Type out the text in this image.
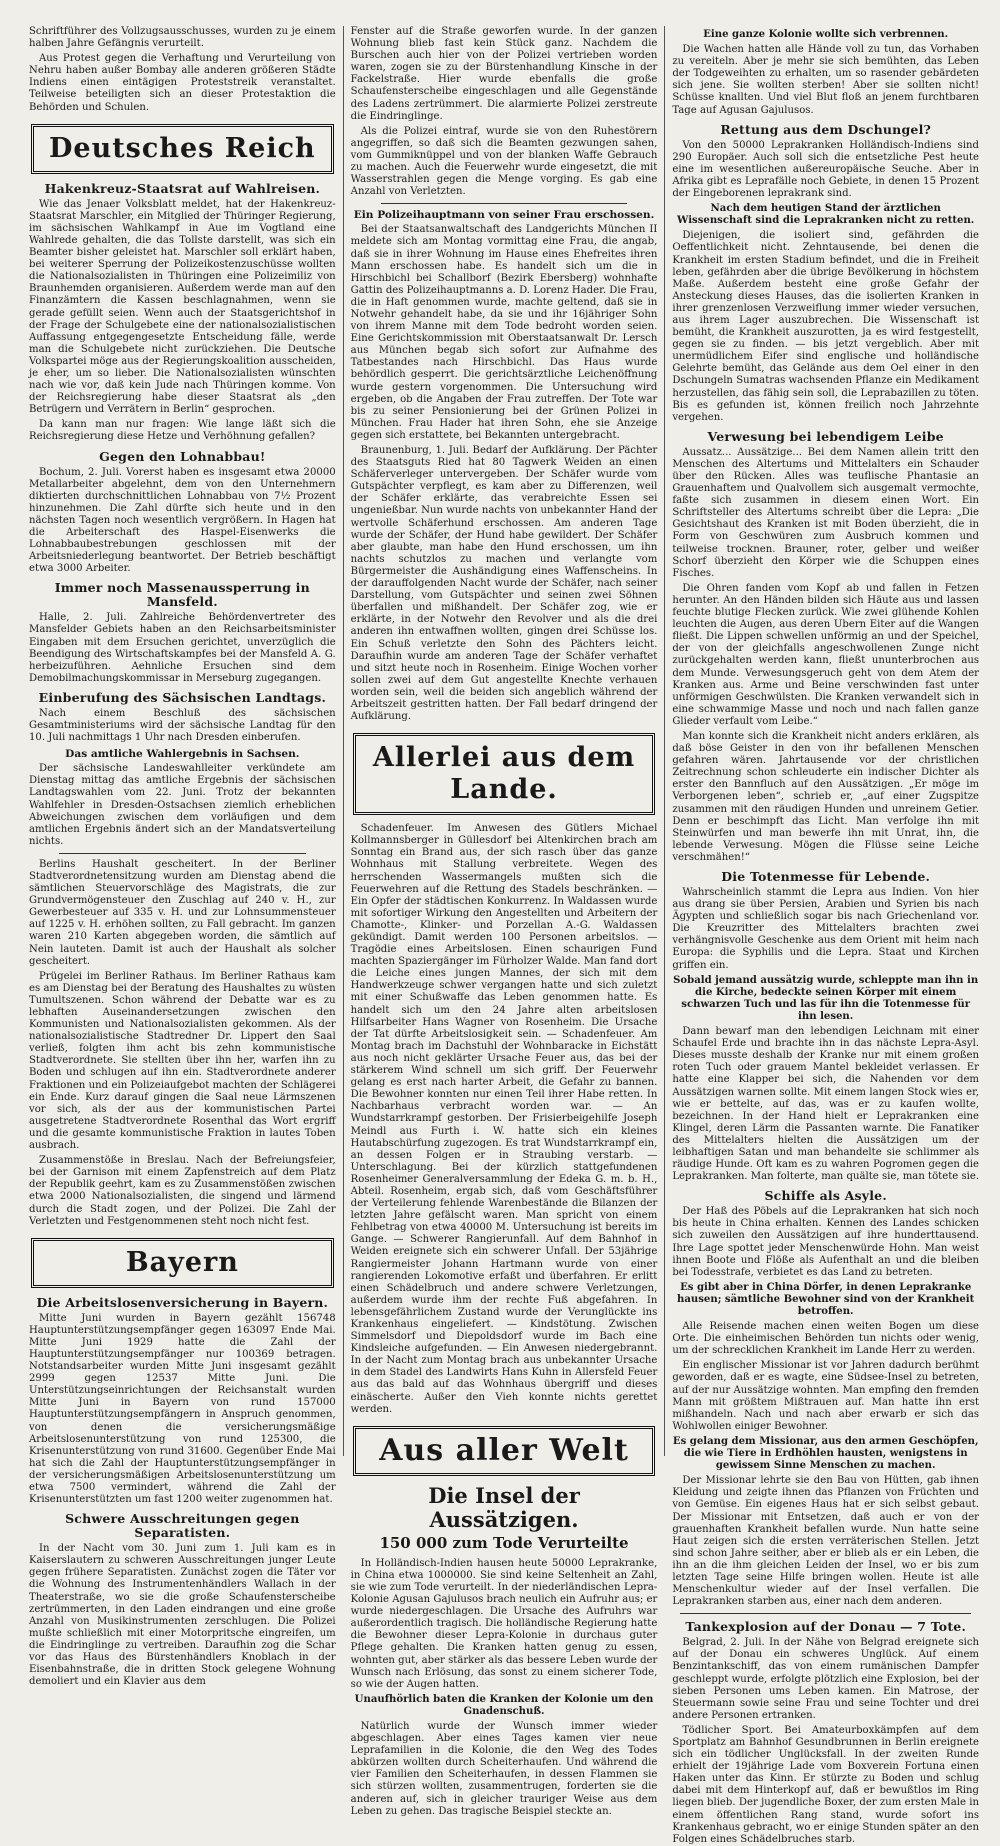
Schriftführer des Vollzugsausschusses, wurden zu je einem halben Jahre Gefängnis verurteilt.

Aus Protest gegen die Verhaftung und Verurteilung von Nehru haben außer Bombay alle anderen größeren Städte Indiens einen eintägigen Proteststreik veranstaltet. Teilweise beteiligten sich an dieser Protestaktion die Behörden und Schulen.

Deutsches Reich
Hakenkreuz-Staatsrat auf Wahlreisen.

Wie das Jenaer Volksblatt meldet, hat der Hakenkreuz-Staatsrat Marschler, ein Mitglied der Thüringer Regierung, im sächsischen Wahlkampf in Aue im Vogtland eine Wahlrede gehalten, die das Tollste darstellt, was sich ein Beamter bisher geleistet hat. Marschler soll erklärt haben, bei weiterer Sperrung der Polizeikostenzuschüsse wollten die Nationalsozialisten in Thüringen eine Polizeimiliz von Braunhemden organisieren. Außerdem werde man auf den Finanzämtern die Kassen beschlagnahmen, wenn sie gerade gefüllt seien. Wenn auch der Staatsgerichtshof in der Frage der Schulgebete eine der nationalsozialistischen Auffassung entgegengesetzte Entscheidung fälle, werde man die Schulgebete nicht zurückziehen. Die Deutsche Volkspartei möge aus der Regierungskoalition ausscheiden, je eher, um so lieber. Die Nationalsozialisten wünschten nach wie vor, daß kein Jude nach Thüringen komme. Von der Reichsregierung habe dieser Staatsrat als „den Betrügern und Verrätern in Berlin“ gesprochen.

Da kann man nur fragen: Wie lange läßt sich die Reichsregierung diese Hetze und Verhöhnung gefallen?

Gegen den Lohnabbau!

Bochum, 2. Juli. Vorerst haben es insgesamt etwa 20000 Metallarbeiter abgelehnt, dem von den Unternehmern diktierten durchschnittlichen Lohnabbau von 7½ Prozent hinzunehmen. Die Zahl dürfte sich heute und in den nächsten Tagen noch wesentlich vergrößern. In Hagen hat die Arbeiterschaft des Haspel-Eisenwerks die Lohnabbaubestrebungen geschlossen mit der Arbeitsniederlegung beantwortet. Der Betrieb beschäftigt etwa 3000 Arbeiter.

Immer noch Massenaussperrung in Mansfeld.

Halle, 2. Juli. Zahlreiche Behördenvertreter des Mansfelder Gebiets haben an den Reichsarbeitsminister Eingaben mit dem Ersuchen gerichtet, unverzüglich die Beendigung des Wirtschaftskampfes bei der Mansfeld A. G. herbeizuführen. Aehnliche Ersuchen sind dem Demobilmachungskommissar in Merseburg zugegangen.

Einberufung des Sächsischen Landtags.

Nach einem Beschluß des sächsischen Gesamtministeriums wird der sächsische Landtag für den 10. Juli nachmittags 1 Uhr nach Dresden einberufen.

Das amtliche Wahlergebnis in Sachsen.

Der sächsische Landeswahlleiter verkündete am Dienstag mittag das amtliche Ergebnis der sächsischen Landtagswahlen vom 22. Juni. Trotz der bekannten Wahlfehler in Dresden-Ostsachsen ziemlich erheblichen Abweichungen zwischen dem vorläufigen und dem amtlichen Ergebnis ändert sich an der Mandatsverteilung nichts.

Berlins Haushalt gescheitert. In der Berliner Stadtverordnetensitzung wurden am Dienstag abend die sämtlichen Steuervorschläge des Magistrats, die zur Grundvermögensteuer den Zuschlag auf 240 v. H., zur Gewerbesteuer auf 335 v. H. und zur Lohnsummensteuer auf 1225 v. H. erhöhen sollten, zu Fall gebracht. Im ganzen waren 210 Karten abgegeben worden, die sämtlich auf Nein lauteten. Damit ist auch der Haushalt als solcher gescheitert.

Prügelei im Berliner Rathaus. Im Berliner Rathaus kam es am Dienstag bei der Beratung des Haushaltes zu wüsten Tumultszenen. Schon während der Debatte war es zu lebhaften Auseinandersetzungen zwischen den Kommunisten und Nationalsozialisten gekommen. Als der nationalsozialistische Stadtredner Dr. Lippert den Saal verließ, folgten ihm acht bis zehn kommunistische Stadtverordnete. Sie stellten über ihn her, warfen ihn zu Boden und schlugen auf ihn ein. Stadtverordnete anderer Fraktionen und ein Polizeiaufgebot machten der Schlägerei ein Ende. Kurz darauf gingen die Saal neue Lärmszenen vor sich, als der aus der kommunistischen Partei ausgetretene Stadtverordnete Rosenthal das Wort ergriff und die gesamte kommunistische Fraktion in lautes Toben ausbrach.

Zusammenstöße in Breslau. Nach der Befreiungsfeier, bei der Garnison mit einem Zapfenstreich auf dem Platz der Republik geehrt, kam es zu Zusammenstößen zwischen etwa 2000 Nationalsozialisten, die singend und lärmend durch die Stadt zogen, und der Polizei. Die Zahl der Verletzten und Festgenommenen steht noch nicht fest.

Bayern
Die Arbeitslosenversicherung in Bayern.

Mitte Juni wurden in Bayern gezählt 156748 Hauptunterstützungsempfänger gegen 163097 Ende Mai. Mitte Juni 1929 hatte die Zahl der Hauptunterstützungsempfänger nur 100369 betragen. Notstandsarbeiter wurden Mitte Juni insgesamt gezählt 2999 gegen 12537 Mitte Juni. Die Unterstützungseinrichtungen der Reichsanstalt wurden Mitte Juni in Bayern von rund 157000 Hauptunterstützungsempfängern in Anspruch genommen, von denen die versicherungsmäßige Arbeitslosenunterstützung von rund 125300, die Krisenunterstützung von rund 31600. Gegenüber Ende Mai hat sich die Zahl der Hauptunterstützungsempfänger in der versicherungsmäßigen Arbeitslosenunterstützung um etwa 7500 vermindert, während die Zahl der Krisenunterstützten um fast 1200 weiter zugenommen hat.

Schwere Ausschreitungen gegen Separatisten.

In der Nacht vom 30. Juni zum 1. Juli kam es in Kaiserslautern zu schweren Ausschreitungen junger Leute gegen frühere Separatisten. Zunächst zogen die Täter vor die Wohnung des Instrumentenhändlers Wallach in der Theaterstraße, wo sie die große Schaufensterscheibe zertrümmerten, in den Laden eindrangen und eine große Anzahl von Musikinstrumenten zerschlugen. Die Polizei mußte schließlich mit einer Motorpritsche eingreifen, um die Eindringlinge zu vertreiben. Daraufhin zog die Schar vor das Haus des Bürstenhändlers Knoblach in der Eisenbahnstraße, die in dritten Stock gelegene Wohnung demoliert und ein Klavier aus dem

Fenster auf die Straße geworfen wurde. In der ganzen Wohnung blieb fast kein Stück ganz. Nachdem die Burschen auch hier von der Polizei vertrieben worden waren, zogen sie zu der Bürstenhandlung Kinsche in der Fackelstraße. Hier wurde ebenfalls die große Schaufensterscheibe eingeschlagen und alle Gegenstände des Ladens zertrümmert. Die alarmierte Polizei zerstreute die Eindringlinge.

Als die Polizei eintraf, wurde sie von den Ruhestörern angegriffen, so daß sich die Beamten gezwungen sahen, vom Gummiknüppel und von der blanken Waffe Gebrauch zu machen. Auch die Feuerwehr wurde eingesetzt, die mit Wasserstrahlen gegen die Menge vorging. Es gab eine Anzahl von Verletzten.

Ein Polizeihauptmann von seiner Frau erschossen.

Bei der Staatsanwaltschaft des Landgerichts München II meldete sich am Montag vormittag eine Frau, die angab, daß sie in ihrer Wohnung im Hause eines Ehefreites ihren Mann erschossen habe. Es handelt sich um die in Hirschbichl bei Schallborf (Bezirk Ebersberg) wohnhafte Gattin des Polizeihauptmanns a. D. Lorenz Hader. Die Frau, die in Haft genommen wurde, machte geltend, daß sie in Notwehr gehandelt habe, da sie und ihr 16jähriger Sohn von ihrem Manne mit dem Tode bedroht worden seien. Eine Gerichtskommission mit Oberstaatsanwalt Dr. Lersch aus München begab sich sofort zur Aufnahme des Tatbestandes nach Hirschbichl. Das Haus wurde behördlich gesperrt. Die gerichtsärztliche Leichenöffnung wurde gestern vorgenommen. Die Untersuchung wird ergeben, ob die Angaben der Frau zutreffen. Der Tote war bis zu seiner Pensionierung bei der Grünen Polizei in München. Frau Hader hat ihren Sohn, ehe sie Anzeige gegen sich erstattete, bei Bekannten untergebracht.

Braunenburg, 1. Juli. Bedarf der Aufklärung. Der Pächter des Staatsguts Ried hat 80 Tagwerk Weiden an einen Schäferverleger untervergeben. Der Schäfer wurde vom Gutspächter verpflegt, es kam aber zu Differenzen, weil der Schäfer erklärte, das verabreichte Essen sei ungenießbar. Nun wurde nachts von unbekannter Hand der wertvolle Schäferhund erschossen. Am anderen Tage wurde der Schäfer, der Hund habe gewildert. Der Schäfer aber glaubte, man habe den Hund erschossen, um ihn nachts schutzlos zu machen und verlangte vom Bürgermeister die Aushändigung eines Waffenscheins. In der darauffolgenden Nacht wurde der Schäfer, nach seiner Darstellung, vom Gutspächter und seinen zwei Söhnen überfallen und mißhandelt. Der Schäfer zog, wie er erklärte, in der Notwehr den Revolver und als die drei anderen ihn entwaffnen wollten, gingen drei Schüsse los. Ein Schuß verletzte den Sohn des Pächters leicht. Daraufhin wurde am anderen Tage der Schäfer verhaftet und sitzt heute noch in Rosenheim. Einige Wochen vorher sollen zwei auf dem Gut angestellte Knechte verhauen worden sein, weil die beiden sich angeblich während der Arbeitszeit gestritten hatten. Der Fall bedarf dringend der Aufklärung.

Allerlei aus dem Lande.

Schadenfeuer. Im Anwesen des Gütlers Michael Kollmannsberger in Güllesdorf bei Altenkirchen brach am Sonntag ein Brand aus, der sich rasch über das ganze Wohnhaus mit Stallung verbreitete. Wegen des herrschenden Wassermangels mußten sich die Feuerwehren auf die Rettung des Stadels beschränken. — Ein Opfer der städtischen Konkurrenz. In Waldassen wurde mit sofortiger Wirkung den Angestellten und Arbeitern der Chamotte-, Klinker- und Porzellan A.-G. Waldassen gekündigt. Damit werden 100 Personen arbeitslos. — Tragödie eines Arbeitslosen. Einen schaurigen Fund machten Spaziergänger im Fürholzer Walde. Man fand dort die Leiche eines jungen Mannes, der sich mit dem Handwerkzeuge schwer vergangen hatte und sich zuletzt mit einer Schußwaffe das Leben genommen hatte. Es handelt sich um den 24 Jahre alten arbeitslosen Hilfsarbeiter Hans Wagner von Rosenheim. Die Ursache der Tat dürfte Arbeitslosigkeit sein. — Schadenfeuer. Am Montag brach im Dachstuhl der Wohnbaracke in Eichstätt aus noch nicht geklärter Ursache Feuer aus, das bei der stärkerem Wind schnell um sich griff. Der Feuerwehr gelang es erst nach harter Arbeit, die Gefahr zu bannen. Die Bewohner konnten nur einen Teil ihrer Habe retten. In Nachbarhaus verbracht worden war. — An Wundstarrkrampf gestorben. Der Frisierbeigehilfe Joseph Meindl aus Furth i. W. hatte sich ein kleines Hautabschürfung zugezogen. Es trat Wundstarrkrampf ein, an dessen Folgen er in Straubing verstarb. — Unterschlagung. Bei der kürzlich stattgefundenen Rosenheimer Generalversammlung der Edeka G. m. b. H., Abteil. Rosenheim, ergab sich, daß vom Geschäftsführer der Verteilerung fehlende Warenbestände die Bilanzen der letzten Jahre gefälscht waren. Man spricht von einem Fehlbetrag von etwa 40000 M. Untersuchung ist bereits im Gange. — Schwerer Rangierunfall. Auf dem Bahnhof in Weiden ereignete sich ein schwerer Unfall. Der 53jährige Rangiermeister Johann Hartmann wurde von einer rangierenden Lokomotive erfaßt und überfahren. Er erlitt einen Schädelbruch und andere schwere Verletzungen, außerdem wurde ihm der rechte Fuß abgefahren. In lebensgefährlichem Zustand wurde der Verunglückte ins Krankenhaus eingeliefert. — Kindstötung. Zwischen Simmelsdorf und Diepoldsdorf wurde im Bach eine Kindsleiche aufgefunden. — Ein Anwesen niedergebrannt. In der Nacht zum Montag brach aus unbekannter Ursache in dem Stadel des Landwirts Hans Kuhn in Allersfeld Feuer aus das bald auf das Wohnhaus übergriff und dieses einäscherte. Außer den Vieh konnte nichts gerettet werden.

Aus aller Welt
Die Insel der Aussätzigen.
150 000 zum Tode Verurteilte

In Holländisch-Indien hausen heute 50000 Leprakranke, in China etwa 1000000. Sie sind keine Seltenheit an Zahl, sie wie zum Tode verurteilt. In der niederländischen Lepra-Kolonie Agusan Gajulusos brach neulich ein Aufruhr aus; er wurde niedergeschlagen. Die Ursache des Aufruhrs war außerordentlich tragisch. Die holländische Regierung hatte die Bewohner dieser Lepra-Kolonie in durchaus guter Pflege gehalten. Die Kranken hatten genug zu essen, wohnten gut, aber stärker als das bessere Leben wurde der Wunsch nach Erlösung, das sonst zu einem sicherer Tode, so wie der Augen hatten.

Unaufhörlich baten die Kranken der Kolonie um den Gnadenschuß.

Natürlich wurde der Wunsch immer wieder abgeschlagen. Aber eines Tages kamen vier neue Leprafamilien in die Kolonie, die den Weg des Todes abkürzen wollten durch Scheiterhaufen. Und während die vier Familien den Scheiterhaufen, in dessen Flammen sie sich stürzen wollten, zusammentrugen, forderten sie die anderen auf, sich in gleicher trauriger Weise aus dem Leben zu gehen. Das tragische Beispiel steckte an.

Eine ganze Kolonie wollte sich verbrennen.

Die Wachen hatten alle Hände voll zu tun, das Vorhaben zu vereiteln. Aber je mehr sie sich bemühten, das Leben der Todgeweihten zu erhalten, um so rasender gebärdeten sich jene. Sie wollten sterben! Aber sie sollten nicht! Schüsse knallten. Und viel Blut floß an jenem furchtbaren Tage auf Agusan Gajulusos.

Rettung aus dem Dschungel?

Von den 50000 Leprakranken Holländisch-Indiens sind 290 Europäer. Auch soll sich die entsetzliche Pest heute eine im wesentlichen außereuropäische Seuche. Aber in Afrika gibt es Leprafälle noch Gebiete, in denen 15 Prozent der Eingeborenen leprakrank sind.

Nach dem heutigen Stand der ärztlichen Wissenschaft sind die Leprakranken nicht zu retten.

Diejenigen, die isoliert sind, gefährden die Oeffentlichkeit nicht. Zehntausende, bei denen die Krankheit im ersten Stadium befindet, und die in Freiheit leben, gefährden aber die übrige Bevölkerung in höchstem Maße. Außerdem besteht eine große Gefahr der Ansteckung dieses Hauses, das die isolierten Kranken in ihrer grenzenlosen Verzweiflung immer wieder versuchen, aus ihrem Lager auszubrechen. Die Wissenschaft ist bemüht, die Krankheit auszurotten, ja es wird festgestellt, gegen sie zu finden. — bis jetzt vergeblich. Aber mit unermüdlichem Eifer sind englische und holländische Gelehrte bemüht, das Gelände aus dem Oel einer in den Dschungeln Sumatras wachsenden Pflanze ein Medikament herzustellen, das fähig sein soll, die Leprabazillen zu töten. Bis es gefunden ist, können freilich noch Jahrzehnte vergehen.

Verwesung bei lebendigem Leibe

Aussatz... Aussätzige... Bei dem Namen allein tritt den Menschen des Altertums und Mittelalters ein Schauder über den Rücken. Alles was teuflische Phantasie an Grauenhaftem und Qualvollem sich ausgemalt vermochte, faßte sich zusammen in diesem einen Wort. Ein Schriftsteller des Altertums schreibt über die Lepra: „Die Gesichtshaut des Kranken ist mit Boden überzieht, die in Form von Geschwüren zum Ausbruch kommen und teilweise trocknen. Brauner, roter, gelber und weißer Schorf überzieht den Körper wie die Schuppen eines Fisches.

Die Ohren fanden vom Kopf ab und fallen in Fetzen herunter. An den Händen bilden sich Häute aus und lassen feuchte blutige Flecken zurück. Wie zwei glühende Kohlen leuchten die Augen, aus deren Ubern Eiter auf die Wangen fließt. Die Lippen schwellen unförmig an und der Speichel, der von der gleichfalls angeschwollenen Zunge nicht zurückgehalten werden kann, fließt ununterbrochen aus dem Munde. Verwesungsgeruch geht von dem Atem der Kranken aus. Arme und Beine verschwinden fast unter unförmigen Geschwülsten. Die Kranken verwandelt sich in eine schwammige Masse und noch und nach fallen ganze Glieder verfault vom Leibe.“

Man konnte sich die Krankheit nicht anders erklären, als daß böse Geister in den von ihr befallenen Menschen gefahren wären. Jahrtausende vor der christlichen Zeitrechnung schon schleuderte ein indischer Dichter als erster den Bannfluch auf den Aussätzigen. „Er möge im Verborgenen leben“, schrieb er, „auf einer Zugspitze zusammen mit den räudigen Hunden und unreinem Getier. Denn er beschimpft das Licht. Man verfolge ihn mit Steinwürfen und man bewerfe ihn mit Unrat, ihn, die lebende Verwesung. Mögen die Flüsse seine Leiche verschmähen!“

Die Totenmesse für Lebende.

Wahrscheinlich stammt die Lepra aus Indien. Von hier aus drang sie über Persien, Arabien und Syrien bis nach Ägypten und schließlich sogar bis nach Griechenland vor. Die Kreuzritter des Mittelalters brachten zwei verhängnisvolle Geschenke aus dem Orient mit heim nach Europa: die Syphilis und die Lepra. Staat und Kirchen griffen ein.

Sobald jemand aussätzig wurde, schleppte man ihn in die Kirche, bedeckte seinen Körper mit einem schwarzen Tuch und las für ihn die Totenmesse für ihn lesen.

Dann bewarf man den lebendigen Leichnam mit einer Schaufel Erde und brachte ihn in das nächste Lepra-Asyl. Dieses musste deshalb der Kranke nur mit einem großen roten Tuch oder grauem Mantel bekleidet verlassen. Er hatte eine Klapper bei sich, die Nahenden vor dem Aussätzigen warnen sollte. Mit einem langen Stock wies er, wie er bettelte, auf das, was er zu kaufen wollte, bezeichnen. In der Hand hielt er Leprakranken eine Klingel, deren Lärm die Passanten warnte. Die Fanatiker des Mittelalters hielten die Aussätzigen um der leibhaftigen Satan und man behandelte sie schlimmer als räudige Hunde. Oft kam es zu wahren Pogromen gegen die Leprakranken. Man folterte, man quälte sie, man tötete sie.

Schiffe als Asyle.

Der Haß des Pöbels auf die Leprakranken hat sich noch bis heute in China erhalten. Kennen des Landes schicken sich zuweilen den Aussätzigen auf ihre hunderttausend. Ihre Lage spottet jeder Menschenwürde Hohn. Man weist ihnen Boote und Flöße als Aufenthalt an und die bleiben bei Todesstrafe, verbietet es das Land zu betreten.

Es gibt aber in China Dörfer, in denen Leprakranke hausen; sämtliche Bewohner sind von der Krankheit betroffen.

Alle Reisende machen einen weiten Bogen um diese Orte. Die einheimischen Behörden tun nichts oder wenig, um der schrecklichen Krankheit im Lande Herr zu werden.

Ein englischer Missionar ist vor Jahren dadurch berühmt geworden, daß er es wagte, eine Südsee-Insel zu betreten, auf der nur Aussätzige wohnten. Man empfing den fremden Mann mit größtem Mißtrauen auf. Man hatte ihn erst mißhandeln. Nach und nach aber erwarb er sich das Wohlwollen einiger Bewohner.

Es gelang dem Missionar, aus den armen Geschöpfen, die wie Tiere in Erdhöhlen hausten, wenigstens in gewissem Sinne Menschen zu machen.

Der Missionar lehrte sie den Bau von Hütten, gab ihnen Kleidung und zeigte ihnen das Pflanzen von Früchten und von Gemüse. Ein eigenes Haus hat er sich selbst gebaut. Der Missionar mit Entsetzen, daß auch er von der grauenhaften Krankheit befallen wurde. Nun hatte seine Haut zeigen sich die ersten verräterischen Stellen. Jetzt sind schon Jahre seither, aber er blieb als er ein Leben, die ihn an die ihm gleichen Leiden der Insel, wo er bis zum letzten Tage seine Hilfe bringen wollen. Heute ist alle Menschenkultur wieder auf der Insel verfallen. Die Leprakranken starben aus, einer nach dem anderen.

Tankexplosion auf der Donau — 7 Tote.

Belgrad, 2. Juli. In der Nähe von Belgrad ereignete sich auf der Donau ein schweres Unglück. Auf einem Benzintankschiff, das von einem rumänischen Dampfer geschleppt wurde, erfolgte plötzlich eine Explosion, bei der sieben Personen ums Leben kamen. Ein Matrose, der Steuermann sowie seine Frau und seine Tochter und drei andere Personen ertranken.

Tödlicher Sport. Bei Amateurboxkämpfen auf dem Sportplatz am Bahnhof Gesundbrunnen in Berlin ereignete sich ein tödlicher Unglücksfall. In der zweiten Runde erhielt der 19jährige Lade vom Boxverein Fortuna einen Haken unter das Kinn. Er stürzte zu Boden und schlug dabei mit dem Hinterkopf auf, daß er bewußtlos im Ring liegen blieb. Der jugendliche Boxer, der zum ersten Male in einem öffentlichen Rang stand, wurde sofort ins Krankenhaus gebracht, wo er einige Stunden später an den Folgen eines Schädelbruches starb.
